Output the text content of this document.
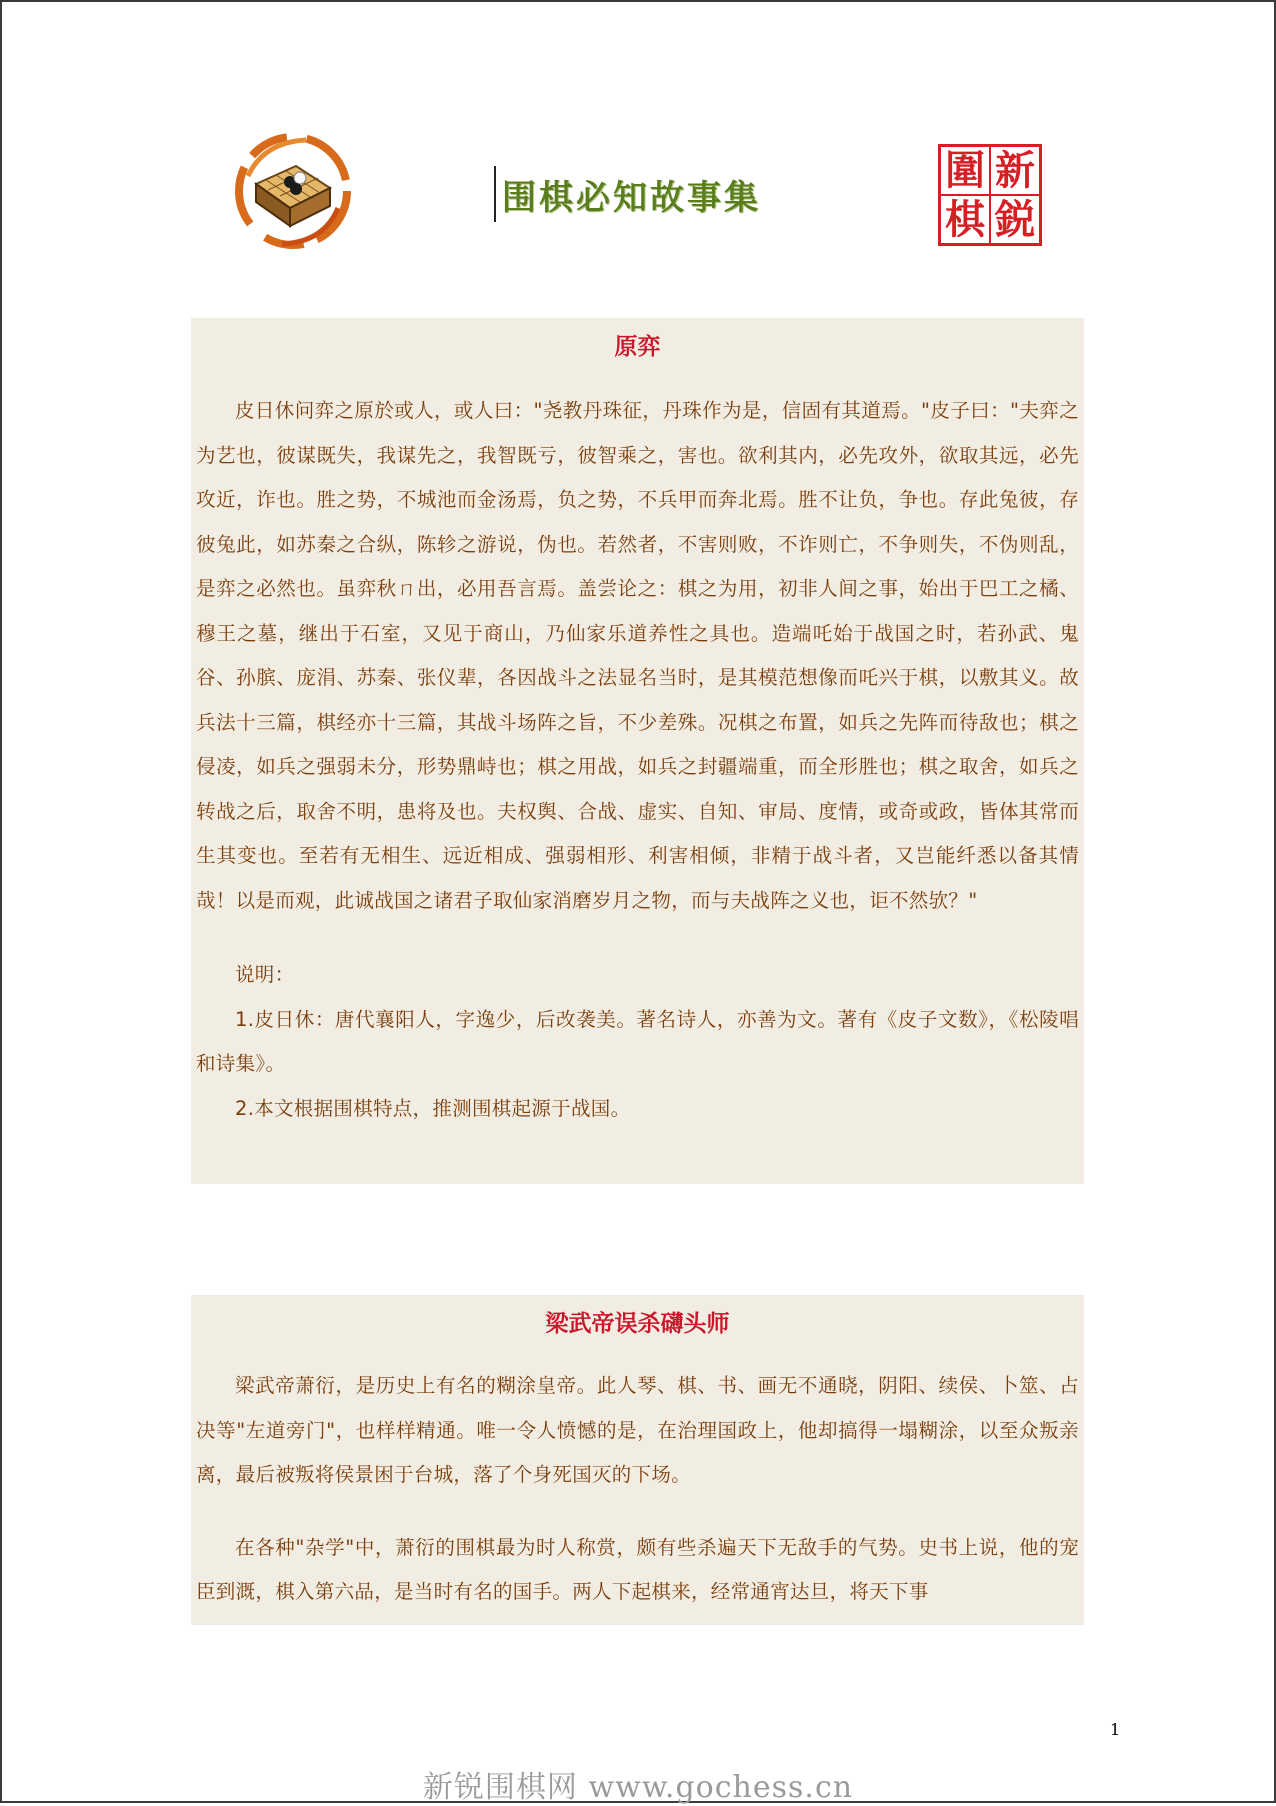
围棋必知故事集
圍 新
棋 鋭
原弈

皮日休问弈之原於或人，或人曰："尧教丹珠征，丹珠作为是，信固有其道焉。"皮子曰："夫弈之为艺也，彼谋既失，我谋先之，我智既亏，彼智乘之，害也。欲利其内，必先攻外，欲取其远，必先攻近，诈也。胜之势，不城池而金汤焉，负之势，不兵甲而奔北焉。胜不让负，争也。存此兔彼，存彼兔此，如苏秦之合纵，陈轸之游说，伪也。若然者，不害则败，不诈则亡，不争则失，不伪则乱，是弈之必然也。虽弈秋ㄇ出，必用吾言焉。盖尝论之：棋之为用，初非人间之事，始出于巴工之橘、穆王之墓，继出于石室，又见于商山，乃仙家乐道养性之具也。造端吒始于战国之时，若孙武、鬼谷、孙膑、庞涓、苏秦、张仪辈，各因战斗之法显名当时，是其模范想像而吒兴于棋，以敷其义。故兵法十三篇，棋经亦十三篇，其战斗场阵之旨，不少差殊。况棋之布置，如兵之先阵而待敌也；棋之侵凌，如兵之强弱未分，形势鼎峙也；棋之用战，如兵之封疆端重，而全形胜也；棋之取舍，如兵之转战之后，取舍不明，患将及也。夫权舆、合战、虚实、自知、审局、度情，或奇或政，皆体其常而生其变也。至若有无相生、远近相成、强弱相形、利害相倾，非精于战斗者，又岂能纤悉以备其情哉！以是而观，此诚战国之诸君子取仙家消磨岁月之物，而与夫战阵之义也，讵不然欤？"

说明：

1.皮日休：唐代襄阳人，字逸少，后改袭美。著名诗人，亦善为文。著有《皮子文数》，《松陵唱和诗集》。

2.本文根据围棋特点，推测围棋起源于战国。

梁武帝误杀礴头师

梁武帝萧衍，是历史上有名的糊涂皇帝。此人琴、棋、书、画无不通晓，阴阳、续侯、卜筮、占决等"左道旁门"，也样样精通。唯一令人愤憾的是，在治理国政上，他却搞得一塌糊涂，以至众叛亲离，最后被叛将侯景困于台城，落了个身死国灭的下场。

在各种"杂学"中，萧衍的围棋最为时人称赏，颇有些杀遍天下无敌手的气势。史书上说，他的宠臣到溉，棋入第六品，是当时有名的国手。两人下起棋来，经常通宵达旦，将天下事

1
新锐围棋网 www.gochess.cn
